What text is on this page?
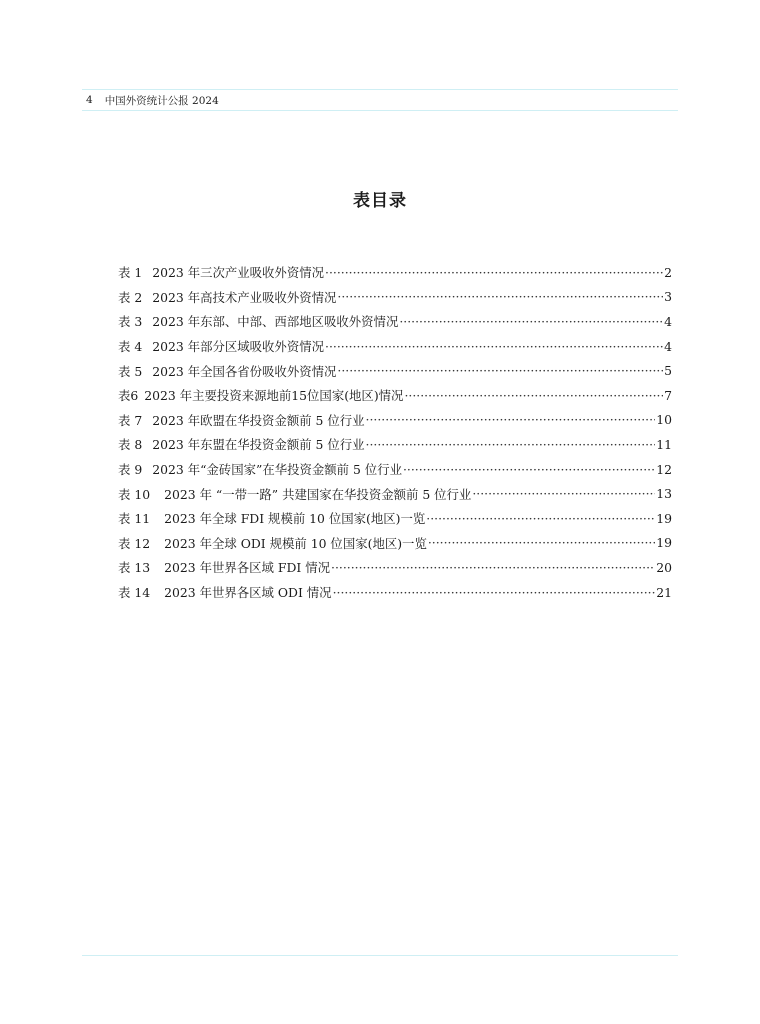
4 中国外资统计公报 2024
表目录
表 1 2023 年三次产业吸收外资情况 ·····	2
表 2 2023 年高技术产业吸收外资情况 ·····	3
表 3 2023 年东部、中部、西部地区吸收外资情况 ·····	4
表 4 2023 年部分区域吸收外资情况 ·····	4
表 5 2023 年全国各省份吸收外资情况 ·····	5
表6 2023 年主要投资来源地前15位国家(地区)情况 ·····	7
表 7 2023 年欧盟在华投资金额前 5 位行业 ·····	10
表 8 2023 年东盟在华投资金额前 5 位行业 ·····	11
表 9 2023 年“金砖国家”在华投资金额前 5 位行业 ·····	12
表 10 2023 年 “一带一路” 共建国家在华投资金额前 5 位行业 ·····	13
表 11 2023 年全球 FDI 规模前 10 位国家(地区)一览 ·····	19
表 12 2023 年全球 ODI 规模前 10 位国家(地区)一览 ·····	19
表 13 2023 年世界各区域 FDI 情况 ·····	20
表 14 2023 年世界各区域 ODI 情况 ·····	21
